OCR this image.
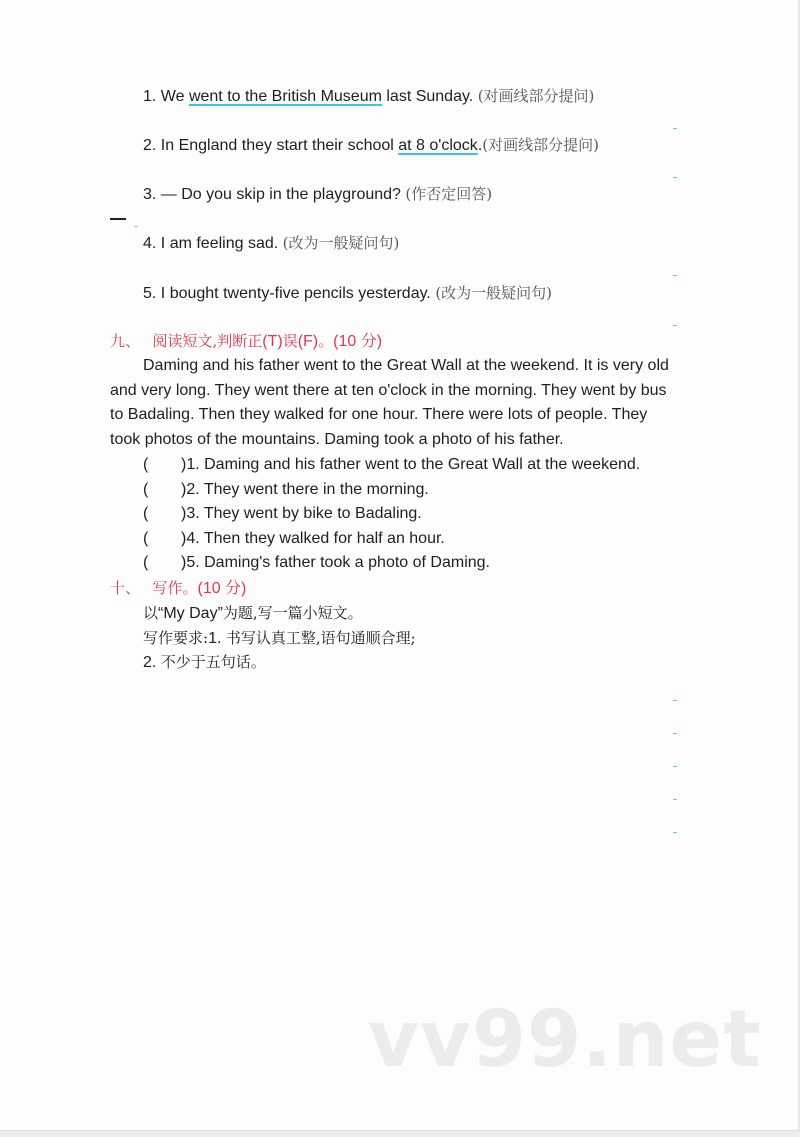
1. We went to the British Museum last Sunday. (对画线部分提问)
2. In England they start their school at 8 o'clock.(对画线部分提问)
3. — Do you skip in the playground? (作否定回答)
4. I am feeling sad. (改为一般疑问句)
5. I bought twenty-five pencils yesterday. (改为一般疑问句)
九、 阅读短文,判断正(T)误(F)。(10 分)
Daming and his father went to the Great Wall at the weekend. It is very old and very long. They went there at ten o'clock in the morning. They went by bus to Badaling. Then they walked for one hour. There were lots of people. They took photos of the mountains. Daming took a photo of his father.
( )1. Daming and his father went to the Great Wall at the weekend.
( )2. They went there in the morning.
( )3. They went by bike to Badaling.
( )4. Then they walked for half an hour.
( )5. Daming's father took a photo of Daming.
十、 写作。(10 分)
以“My Day”为题,写一篇小短文。
写作要求:1. 书写认真工整,语句通顺合理;
2. 不少于五句话。
vv99.net
